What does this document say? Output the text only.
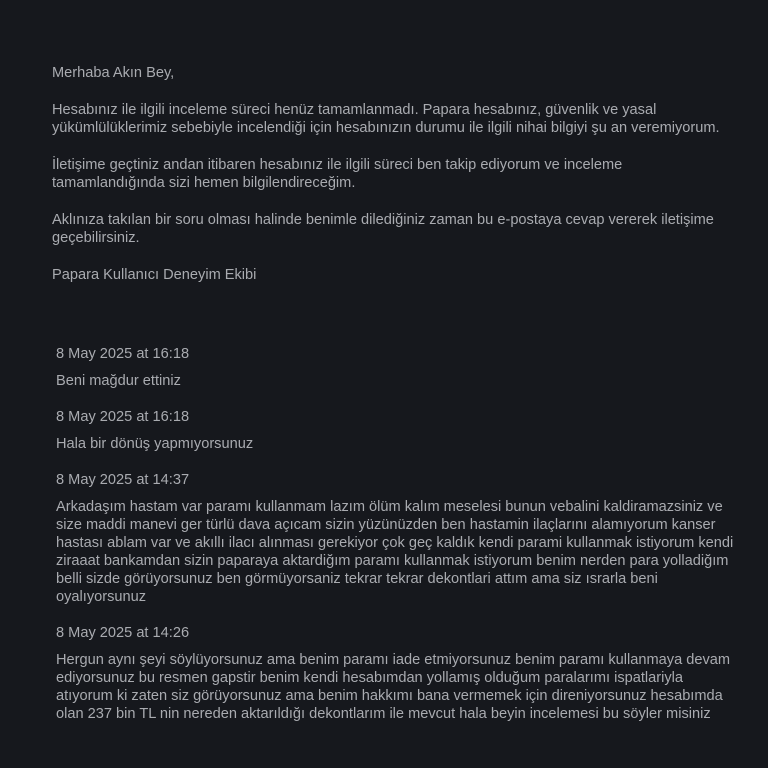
Merhaba Akın Bey,

Hesabınız ile ilgili inceleme süreci henüz tamamlanmadı. Papara hesabınız, güvenlik ve yasal yükümlülüklerimiz sebebiyle incelendiği için hesabınızın durumu ile ilgili nihai bilgiyi şu an veremiyorum.

İletişime geçtiniz andan itibaren hesabınız ile ilgili süreci ben takip ediyorum ve inceleme tamamlandığında sizi hemen bilgilendireceğim.

Aklınıza takılan bir soru olması halinde benimle dilediğiniz zaman bu e-postaya cevap vererek iletişime geçebilirsiniz.

Papara Kullanıcı Deneyim Ekibi

8 May 2025 at 16:18
Beni mağdur ettiniz
8 May 2025 at 16:18
Hala bir dönüş yapmıyorsunuz
8 May 2025 at 14:37
Arkadaşım hastam var paramı kullanmam lazım ölüm kalım meselesi bunun vebalini kaldiramazsiniz ve size maddi manevi ger türlü dava açıcam sizin yüzünüzden ben hastamin ilaçlarını alamıyorum kanser hastası ablam var ve akıllı ilacı alınması gerekiyor çok geç kaldık kendi parami kullanmak istiyorum kendi ziraaat bankamdan sizin paparaya aktardiğım paramı kullanmak istiyorum benim nerden para yolladiğım belli sizde görüyorsunuz ben görmüyorsaniz tekrar tekrar dekontlari attım ama siz ısrarla beni oyalıyorsunuz
8 May 2025 at 14:26
Hergun aynı şeyi söylüyorsunuz ama benim paramı iade etmiyorsunuz benim paramı kullanmaya devam ediyorsunuz bu resmen gapstir benim kendi hesabımdan yollamış olduğum paralarımı ispatlariyla atıyorum ki zaten siz görüyorsunuz ama benim hakkımı bana vermemek için direniyorsunuz hesabımda olan 237 bin TL nin nereden aktarıldığı dekontlarım ile mevcut hala beyin incelemesi bu söyler misiniz
